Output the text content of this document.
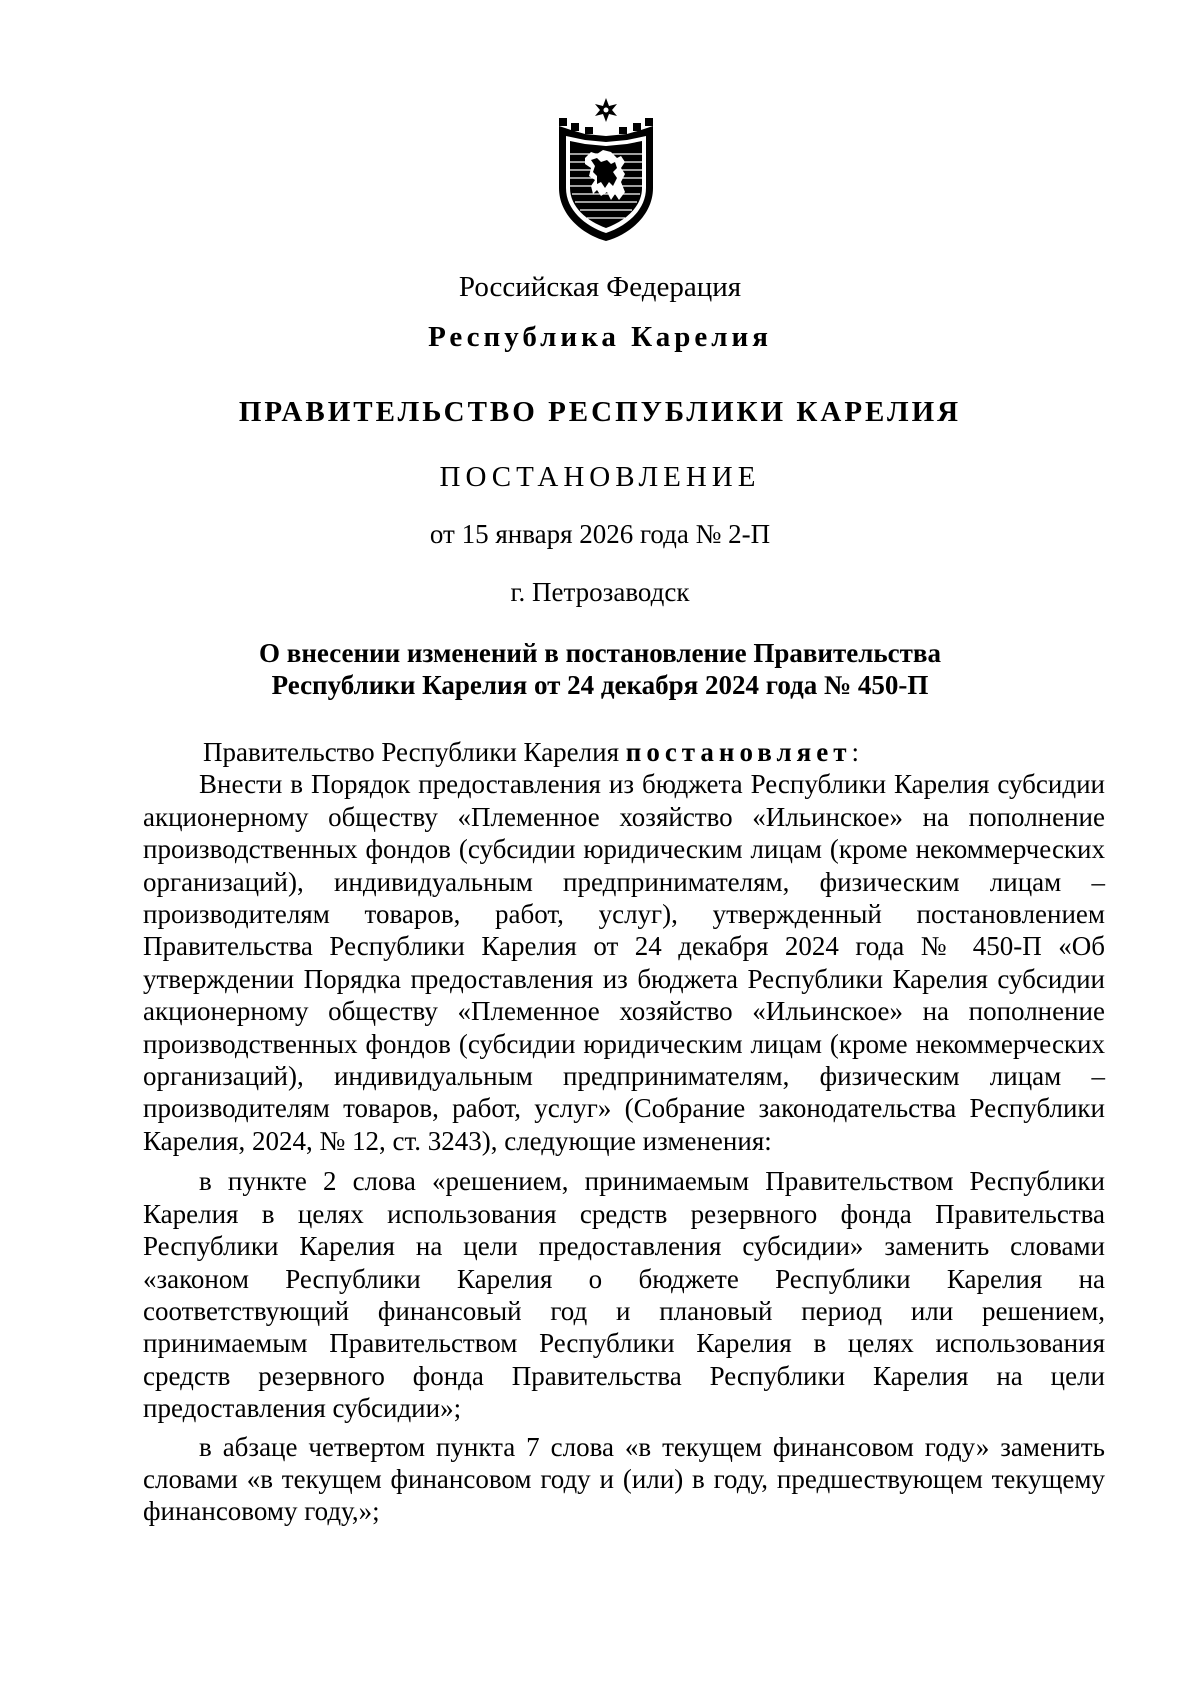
Российская Федерация
Республика Карелия
ПРАВИТЕЛЬСТВО РЕСПУБЛИКИ КАРЕЛИЯ
ПОСТАНОВЛЕНИЕ
от 15 января 2026 года № 2-П
г. Петрозаводск
О внесении изменений в постановление Правительства
Республики Карелия от 24 декабря 2024 года № 450-П

Правительство Республики Карелия постановляет:

Внести в Порядок предоставления из бюджета Республики Карелия субсидии акционерному обществу «Племенное хозяйство «Ильинское» на пополнение производственных фондов (субсидии юридическим лицам (кроме некоммерческих организаций), индивидуальным предпринимателям, физическим лицам – производителям товаров, работ, услуг), утвержденный постановлением Правительства Республики Карелия от 24 декабря 2024 года № 450-П «Об утверждении Порядка предоставления из бюджета Республики Карелия субсидии акционерному обществу «Племенное хозяйство «Ильинское» на пополнение производственных фондов (субсидии юридическим лицам (кроме некоммерческих организаций), индивидуальным предпринимателям, физическим лицам – производителям товаров, работ, услуг» (Собрание законодательства Республики Карелия, 2024, № 12, ст. 3243), следующие изменения:

в пункте 2 слова «решением, принимаемым Правительством Республики Карелия в целях использования средств резервного фонда Правительства Республики Карелия на цели предоставления субсидии» заменить словами «законом Республики Карелия о бюджете Республики Карелия на соответствующий финансовый год и плановый период или решением, принимаемым Правительством Республики Карелия в целях использования средств резервного фонда Правительства Республики Карелия на цели предоставления субсидии»;

в абзаце четвертом пункта 7 слова «в текущем финансовом году» заменить словами «в текущем финансовом году и (или) в году, предшествующем текущему финансовому году,»;
